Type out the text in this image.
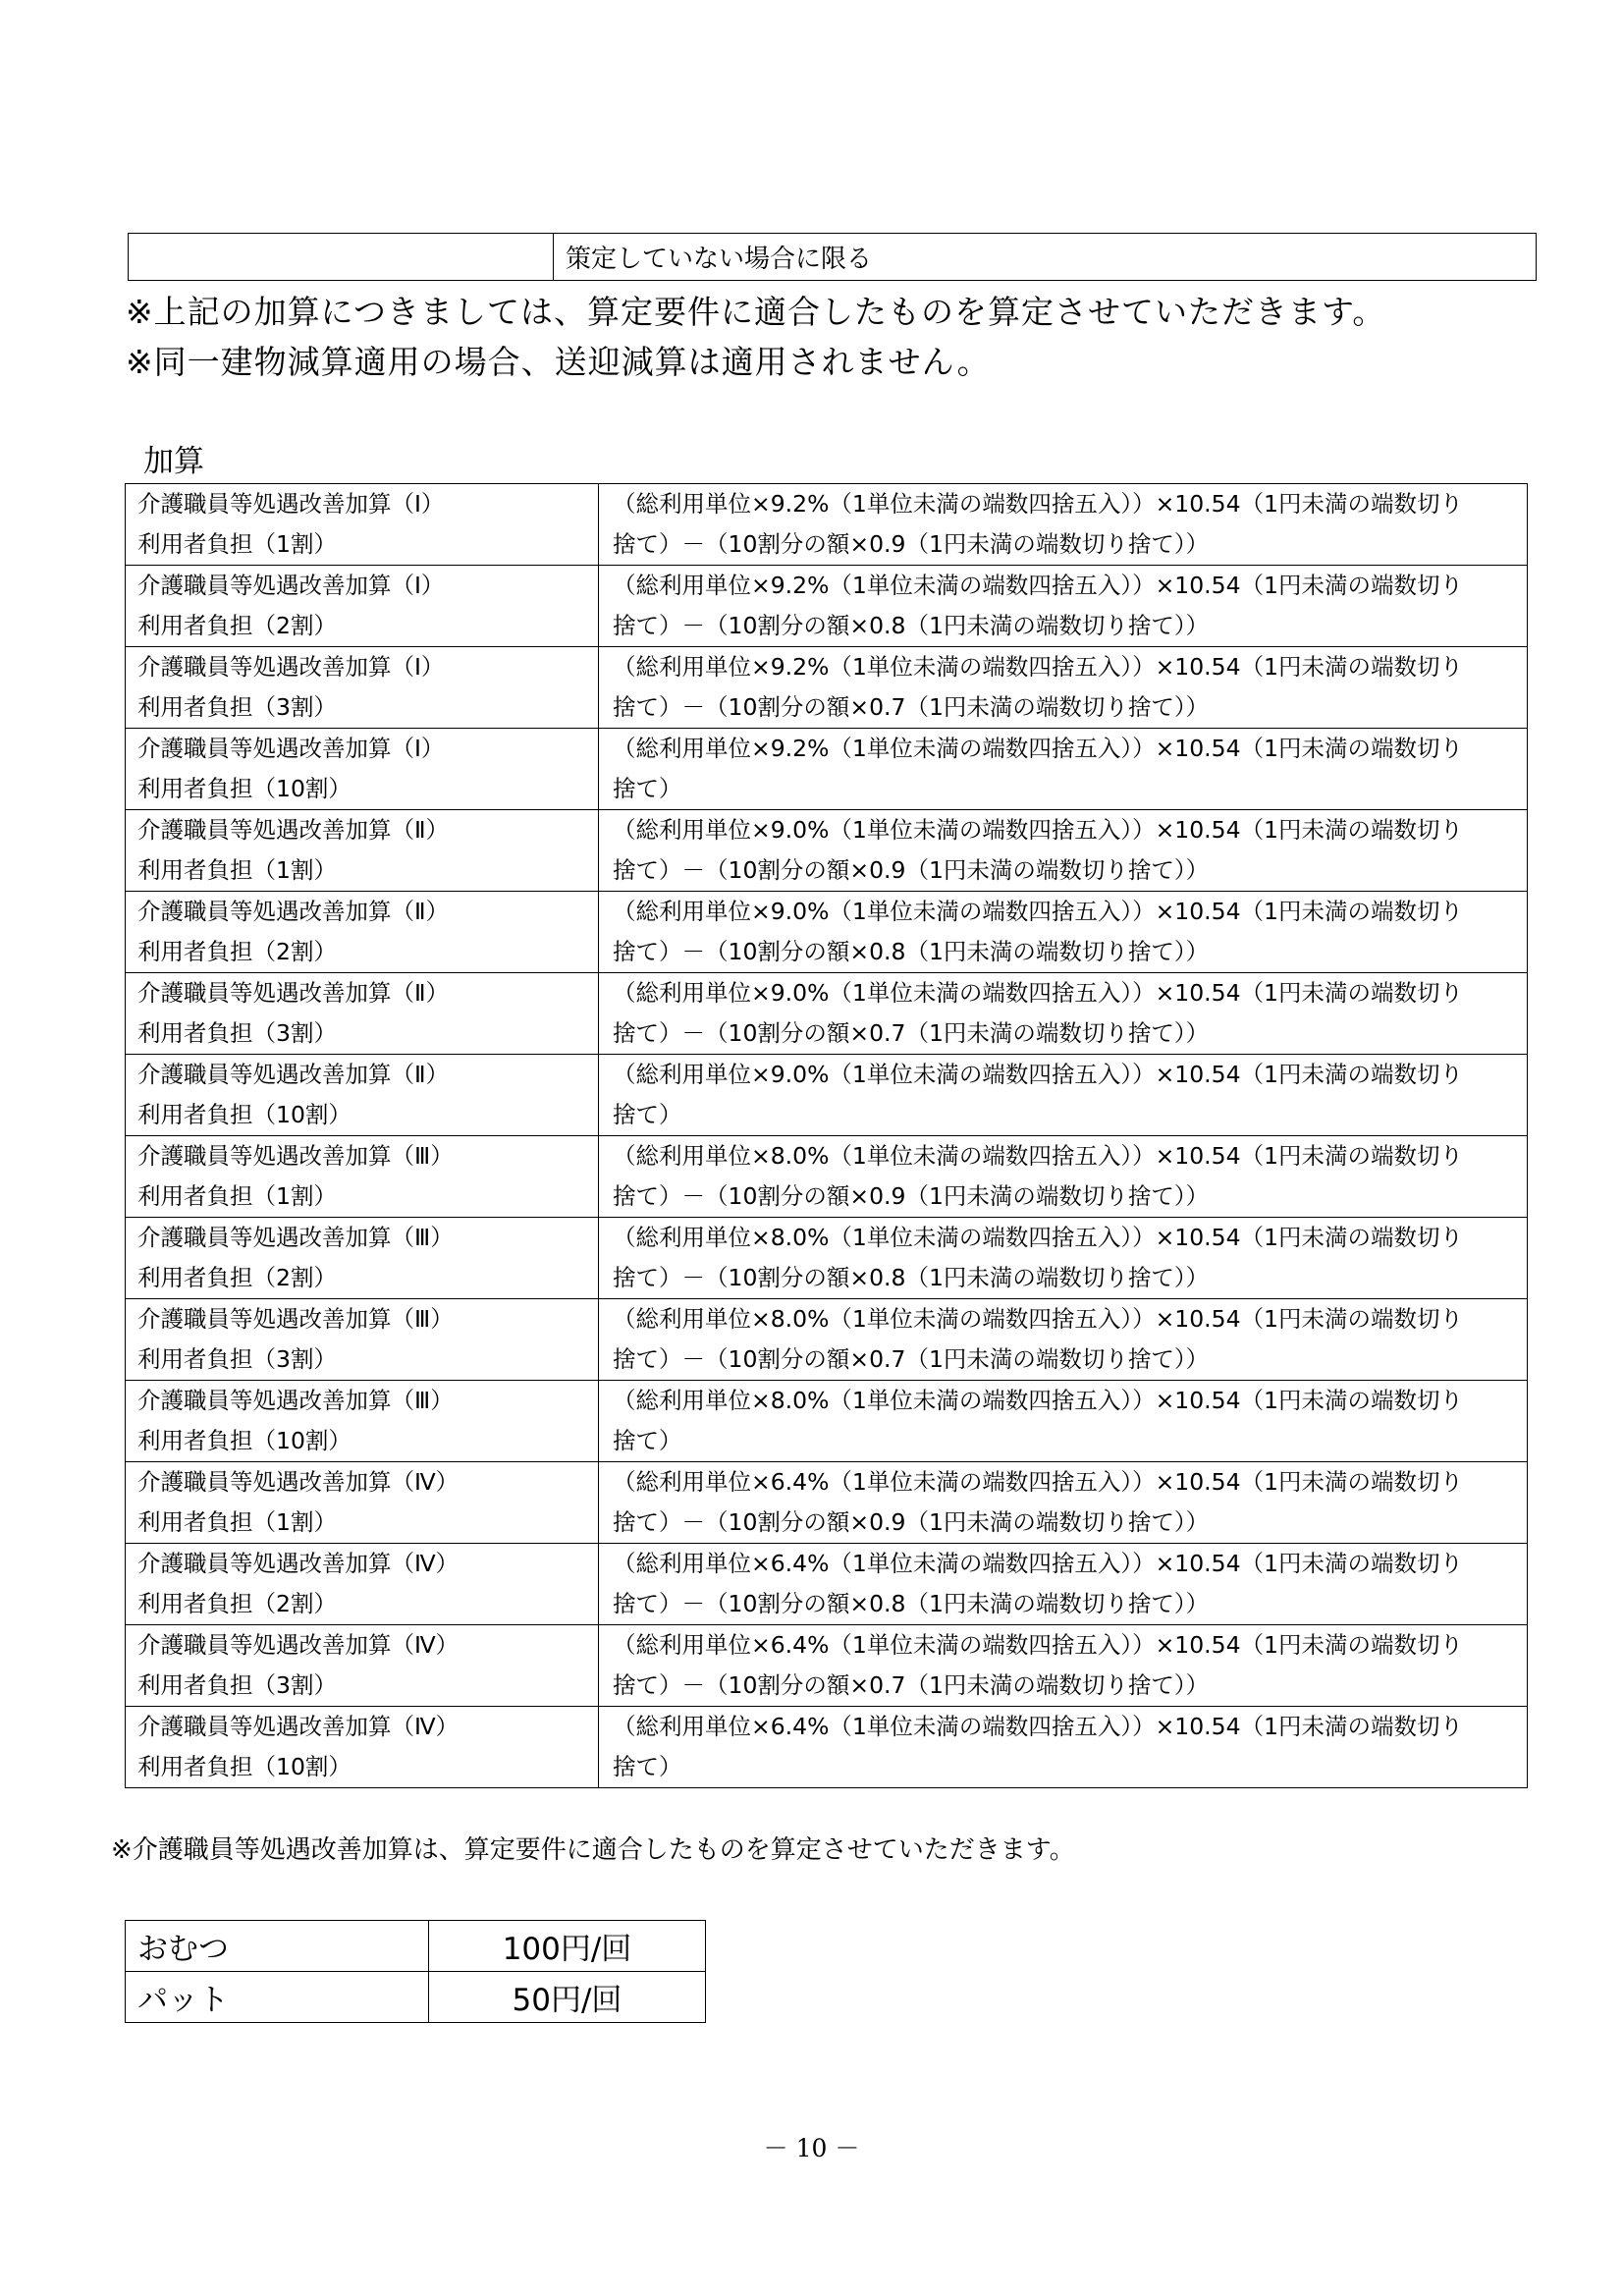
	策定していない場合に限る
※上記の加算につきましては、算定要件に適合したものを算定させていただきます。
※同一建物減算適用の場合、送迎減算は適用されません。
加算
介護職員等処遇改善加算（Ⅰ）
利用者負担（1割）	（総利用単位×9.2%（1単位未満の端数四捨五入））×10.54（1円未満の端数切り
捨て）－（10割分の額×0.9（1円未満の端数切り捨て））
介護職員等処遇改善加算（Ⅰ）
利用者負担（2割）	（総利用単位×9.2%（1単位未満の端数四捨五入））×10.54（1円未満の端数切り
捨て）－（10割分の額×0.8（1円未満の端数切り捨て））
介護職員等処遇改善加算（Ⅰ）
利用者負担（3割）	（総利用単位×9.2%（1単位未満の端数四捨五入））×10.54（1円未満の端数切り
捨て）－（10割分の額×0.7（1円未満の端数切り捨て））
介護職員等処遇改善加算（Ⅰ）
利用者負担（10割）	（総利用単位×9.2%（1単位未満の端数四捨五入））×10.54（1円未満の端数切り
捨て）
介護職員等処遇改善加算（Ⅱ）
利用者負担（1割）	（総利用単位×9.0%（1単位未満の端数四捨五入））×10.54（1円未満の端数切り
捨て）－（10割分の額×0.9（1円未満の端数切り捨て））
介護職員等処遇改善加算（Ⅱ）
利用者負担（2割）	（総利用単位×9.0%（1単位未満の端数四捨五入））×10.54（1円未満の端数切り
捨て）－（10割分の額×0.8（1円未満の端数切り捨て））
介護職員等処遇改善加算（Ⅱ）
利用者負担（3割）	（総利用単位×9.0%（1単位未満の端数四捨五入））×10.54（1円未満の端数切り
捨て）－（10割分の額×0.7（1円未満の端数切り捨て））
介護職員等処遇改善加算（Ⅱ）
利用者負担（10割）	（総利用単位×9.0%（1単位未満の端数四捨五入））×10.54（1円未満の端数切り
捨て）
介護職員等処遇改善加算（Ⅲ）
利用者負担（1割）	（総利用単位×8.0%（1単位未満の端数四捨五入））×10.54（1円未満の端数切り
捨て）－（10割分の額×0.9（1円未満の端数切り捨て））
介護職員等処遇改善加算（Ⅲ）
利用者負担（2割）	（総利用単位×8.0%（1単位未満の端数四捨五入））×10.54（1円未満の端数切り
捨て）－（10割分の額×0.8（1円未満の端数切り捨て））
介護職員等処遇改善加算（Ⅲ）
利用者負担（3割）	（総利用単位×8.0%（1単位未満の端数四捨五入））×10.54（1円未満の端数切り
捨て）－（10割分の額×0.7（1円未満の端数切り捨て））
介護職員等処遇改善加算（Ⅲ）
利用者負担（10割）	（総利用単位×8.0%（1単位未満の端数四捨五入））×10.54（1円未満の端数切り
捨て）
介護職員等処遇改善加算（Ⅳ）
利用者負担（1割）	（総利用単位×6.4%（1単位未満の端数四捨五入））×10.54（1円未満の端数切り
捨て）－（10割分の額×0.9（1円未満の端数切り捨て））
介護職員等処遇改善加算（Ⅳ）
利用者負担（2割）	（総利用単位×6.4%（1単位未満の端数四捨五入））×10.54（1円未満の端数切り
捨て）－（10割分の額×0.8（1円未満の端数切り捨て））
介護職員等処遇改善加算（Ⅳ）
利用者負担（3割）	（総利用単位×6.4%（1単位未満の端数四捨五入））×10.54（1円未満の端数切り
捨て）－（10割分の額×0.7（1円未満の端数切り捨て））
介護職員等処遇改善加算（Ⅳ）
利用者負担（10割）	（総利用単位×6.4%（1単位未満の端数四捨五入））×10.54（1円未満の端数切り
捨て）
※介護職員等処遇改善加算は、算定要件に適合したものを算定させていただきます。
おむつ	100円/回
パット	50円/回
－ 10 －
